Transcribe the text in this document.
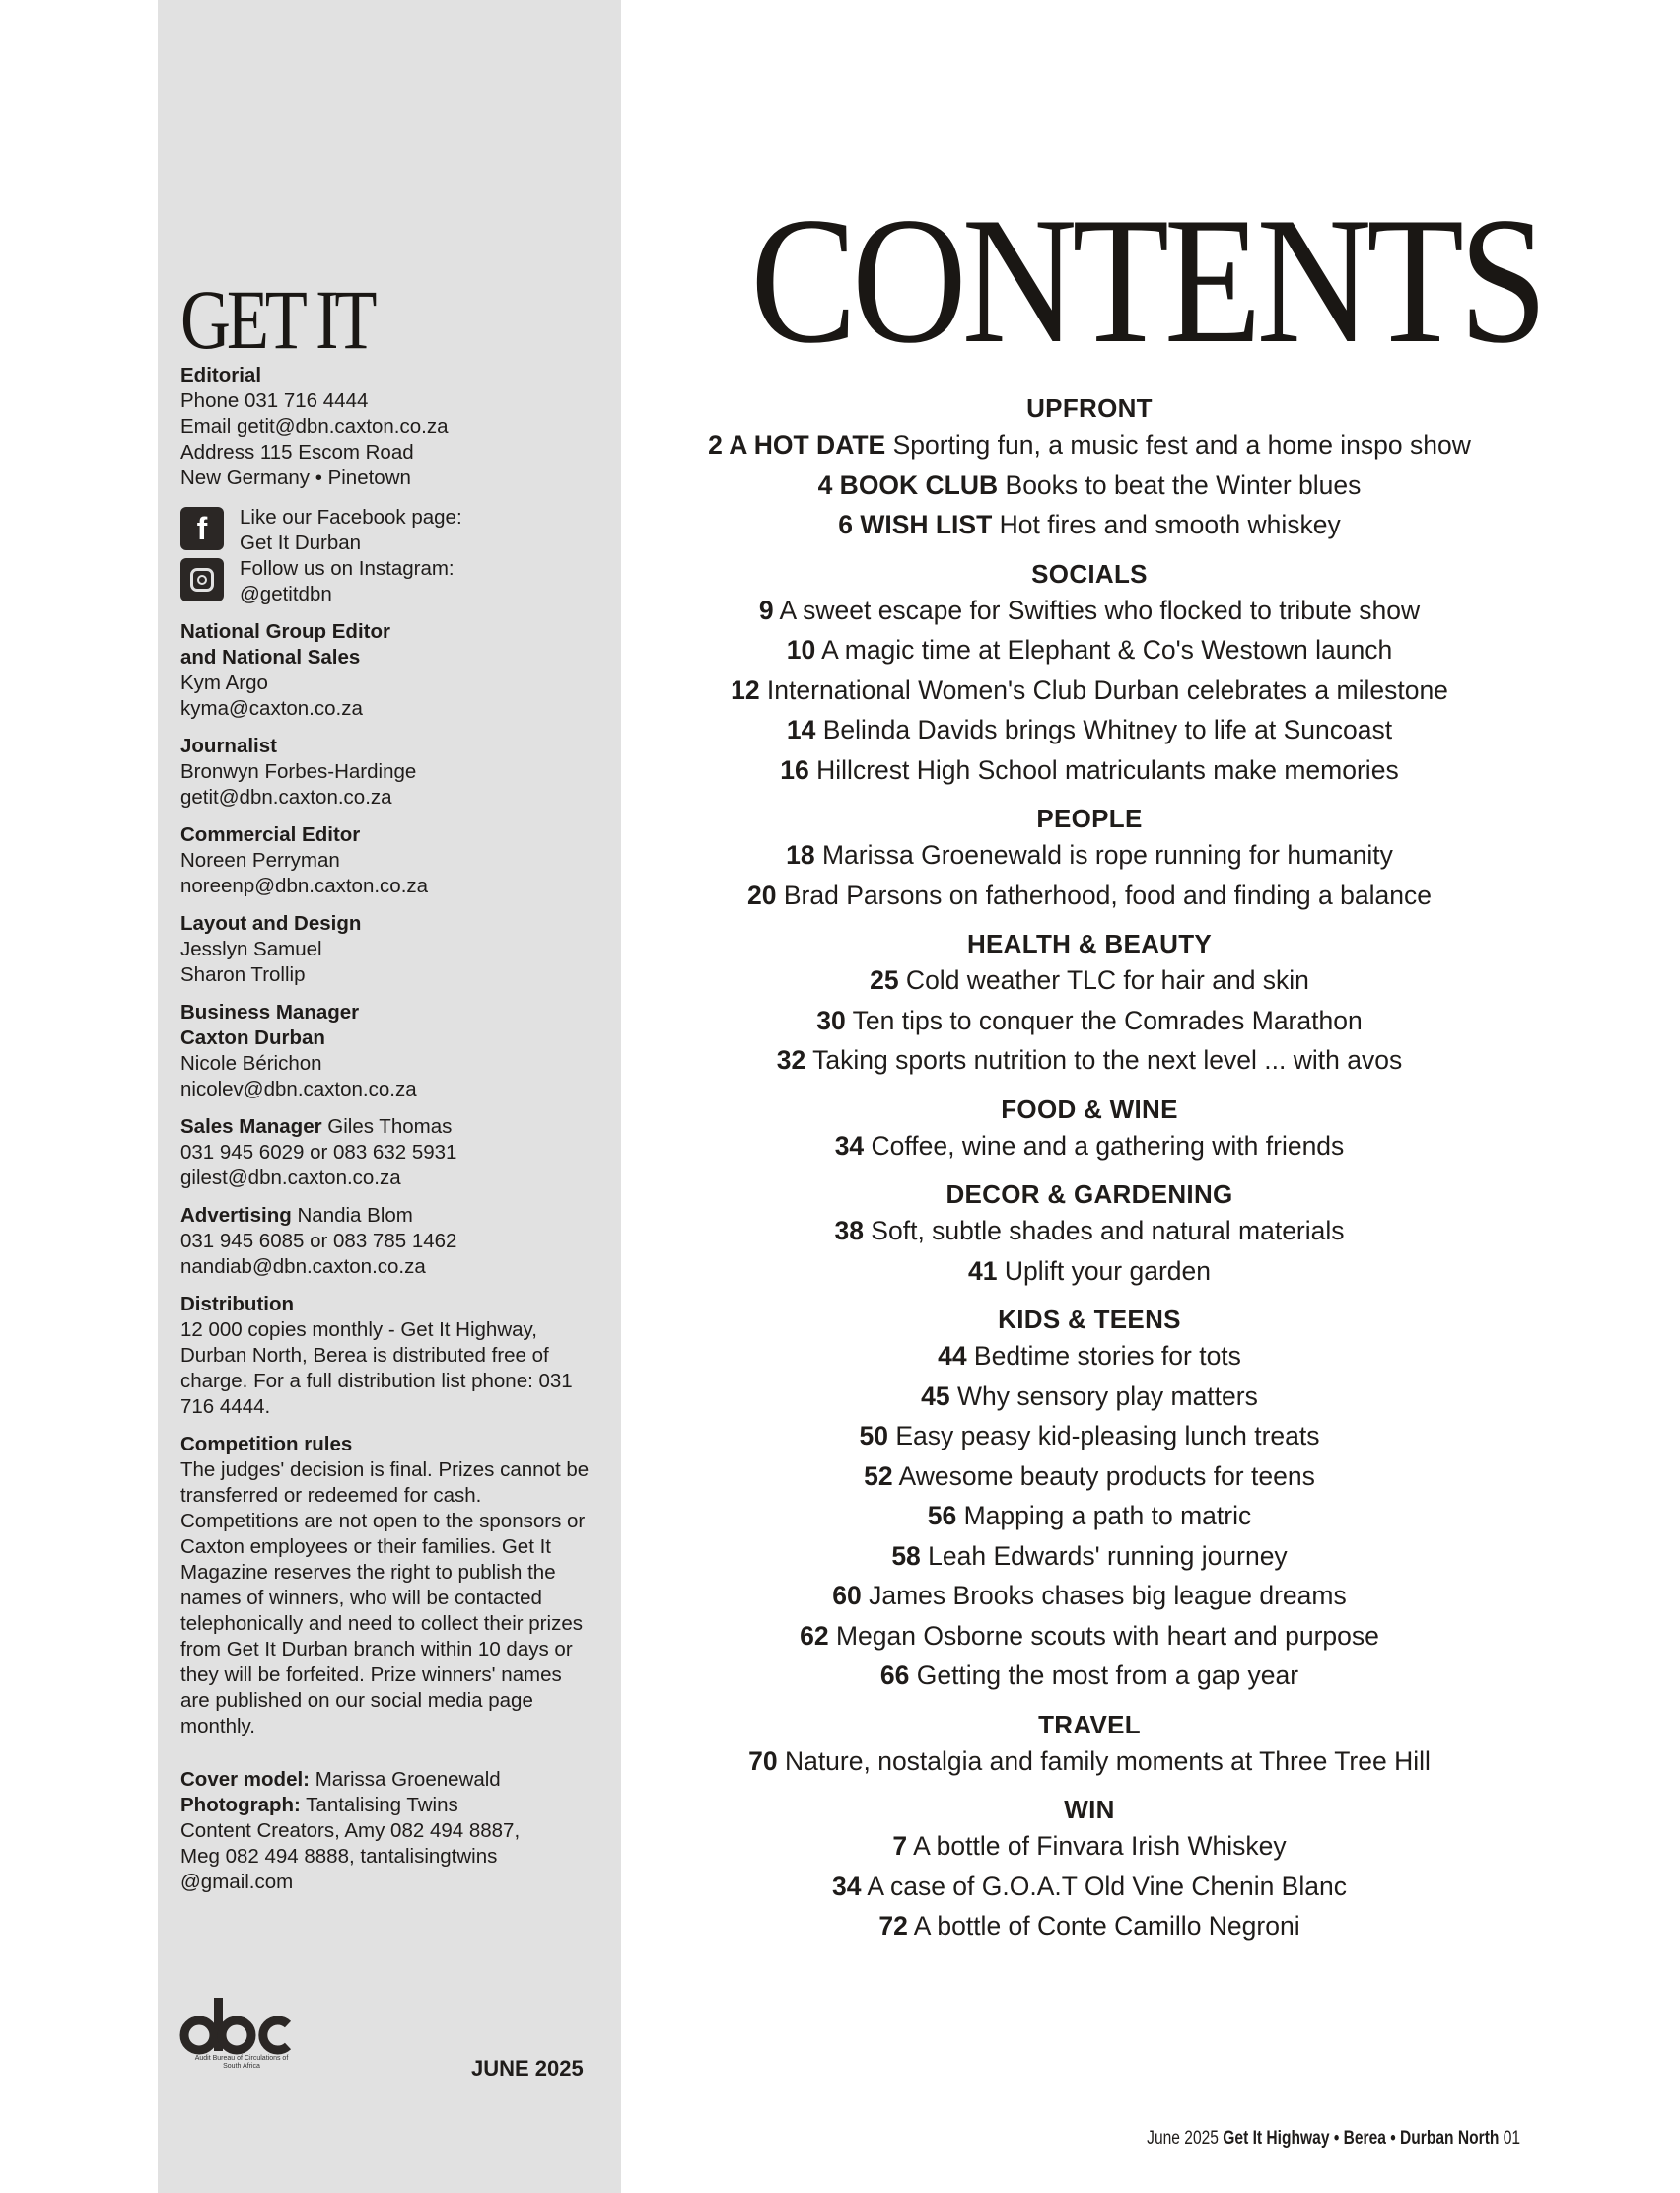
GET IT
Editorial
Phone 031 716 4444
Email getit@dbn.caxton.co.za
Address 115 Escom Road
New Germany • Pinetown
f	Like our Facebook page:
Get It Durban
Follow us on Instagram:
@getitdbn
National Group Editor
and National Sales
Kym Argo
kyma@caxton.co.za
Journalist
Bronwyn Forbes-Hardinge
getit@dbn.caxton.co.za
Commercial Editor
Noreen Perryman
noreenp@dbn.caxton.co.za
Layout and Design
Jesslyn Samuel
Sharon Trollip
Business Manager
Caxton Durban
Nicole Bérichon
nicolev@dbn.caxton.co.za
Sales Manager Giles Thomas
031 945 6029 or 083 632 5931
gilest@dbn.caxton.co.za
Advertising Nandia Blom
031 945 6085 or 083 785 1462
nandiab@dbn.caxton.co.za
Distribution
12 000 copies monthly - Get It Highway, Durban North, Berea is distributed free of charge. For a full distribution list phone: 031 716 4444.
Competition rules
The judges' decision is final. Prizes cannot be transferred or redeemed for cash. Competitions are not open to the sponsors or Caxton employees or their families. Get It Magazine reserves the right to publish the names of winners, who will be contacted telephonically and need to collect their prizes from Get It Durban branch within 10 days or they will be forfeited. Prize winners' names are published on our social media page monthly.
Cover model: Marissa Groenewald
Photograph: Tantalising Twins
Content Creators, Amy 082 494 8887,
Meg 082 494 8888, tantalisingtwins
@gmail.com
Audit Bureau of Circulations of South Africa	JUNE 2025
CONTENTS
UPFRONT
2 A HOT DATE Sporting fun, a music fest and a home inspo show
4 BOOK CLUB Books to beat the Winter blues
6 WISH LIST Hot fires and smooth whiskey
SOCIALS
9 A sweet escape for Swifties who flocked to tribute show
10 A magic time at Elephant & Co's Westown launch
12 International Women's Club Durban celebrates a milestone
14 Belinda Davids brings Whitney to life at Suncoast
16 Hillcrest High School matriculants make memories
PEOPLE
18 Marissa Groenewald is rope running for humanity
20 Brad Parsons on fatherhood, food and finding a balance
HEALTH & BEAUTY
25 Cold weather TLC for hair and skin
30 Ten tips to conquer the Comrades Marathon
32 Taking sports nutrition to the next level ... with avos
FOOD & WINE
34 Coffee, wine and a gathering with friends
DECOR & GARDENING
38 Soft, subtle shades and natural materials
41 Uplift your garden
KIDS & TEENS
44 Bedtime stories for tots
45 Why sensory play matters
50 Easy peasy kid-pleasing lunch treats
52 Awesome beauty products for teens
56 Mapping a path to matric
58 Leah Edwards' running journey
60 James Brooks chases big league dreams
62 Megan Osborne scouts with heart and purpose
66 Getting the most from a gap year
TRAVEL
70 Nature, nostalgia and family moments at Three Tree Hill
WIN
7 A bottle of Finvara Irish Whiskey
34 A case of G.O.A.T Old Vine Chenin Blanc
72 A bottle of Conte Camillo Negroni
June 2025 Get It Highway • Berea • Durban North 01
